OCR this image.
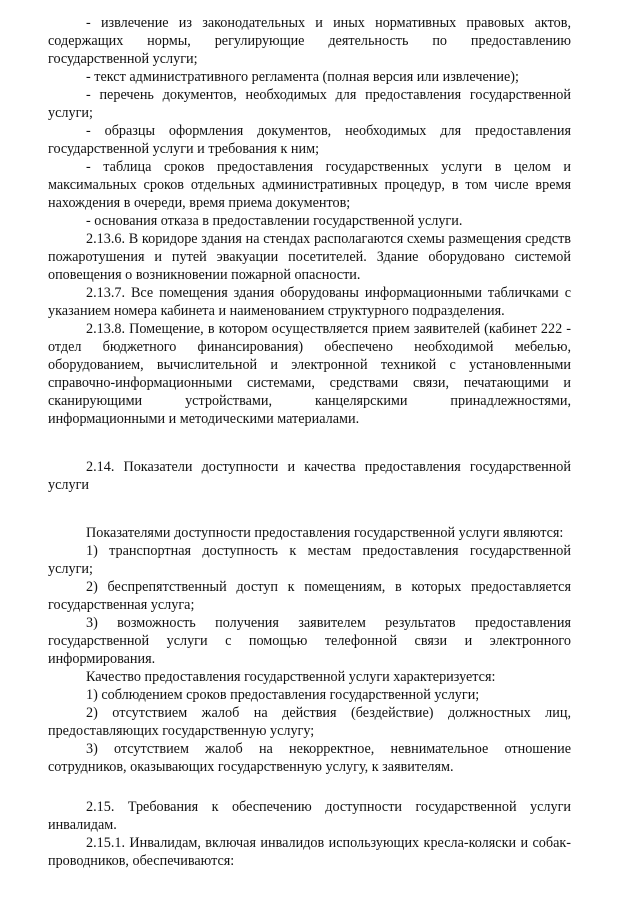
- извлечение из законодательных и иных нормативных правовых актов, содержащих нормы, регулирующие деятельность по предоставлению государственной услуги;

- текст административного регламента (полная версия или извлечение);

- перечень документов, необходимых для предоставления государственной услуги;

- образцы оформления документов, необходимых для предоставления государственной услуги и требования к ним;

- таблица сроков предоставления государственных услуги в целом и максимальных сроков отдельных административных процедур, в том числе время нахождения в очереди, время приема документов;

- основания отказа в предоставлении государственной услуги.

2.13.6. В коридоре здания на стендах располагаются схемы размещения средств пожаротушения и путей эвакуации посетителей. Здание оборудовано системой оповещения о возникновении пожарной опасности.

2.13.7. Все помещения здания оборудованы информационными табличками с указанием номера кабинета и наименованием структурного подразделения.

2.13.8. Помещение, в котором осуществляется прием заявителей (кабинет 222 - отдел бюджетного финансирования) обеспечено необходимой мебелью, оборудованием, вычислительной и электронной техникой с установленными справочно-информационными системами, средствами связи, печатающими и сканирующими устройствами, канцелярскими принадлежностями, информационными и методическими материалами.

2.14. Показатели доступности и качества предоставления государственной услуги

Показателями доступности предоставления государственной услуги являются:

1) транспортная доступность к местам предоставления государственной услуги;

2) беспрепятственный доступ к помещениям, в которых предоставляется государственная услуга;

3) возможность получения заявителем результатов предоставления государственной услуги с помощью телефонной связи и электронного информирования.

Качество предоставления государственной услуги характеризуется:

1) соблюдением сроков предоставления государственной услуги;

2) отсутствием жалоб на действия (бездействие) должностных лиц, предоставляющих государственную услугу;

3) отсутствием жалоб на некорректное, невнимательное отношение сотрудников, оказывающих государственную услугу, к заявителям.

2.15. Требования к обеспечению доступности государственной услуги инвалидам.

2.15.1. Инвалидам, включая инвалидов использующих кресла-коляски и собак-проводников, обеспечиваются:
